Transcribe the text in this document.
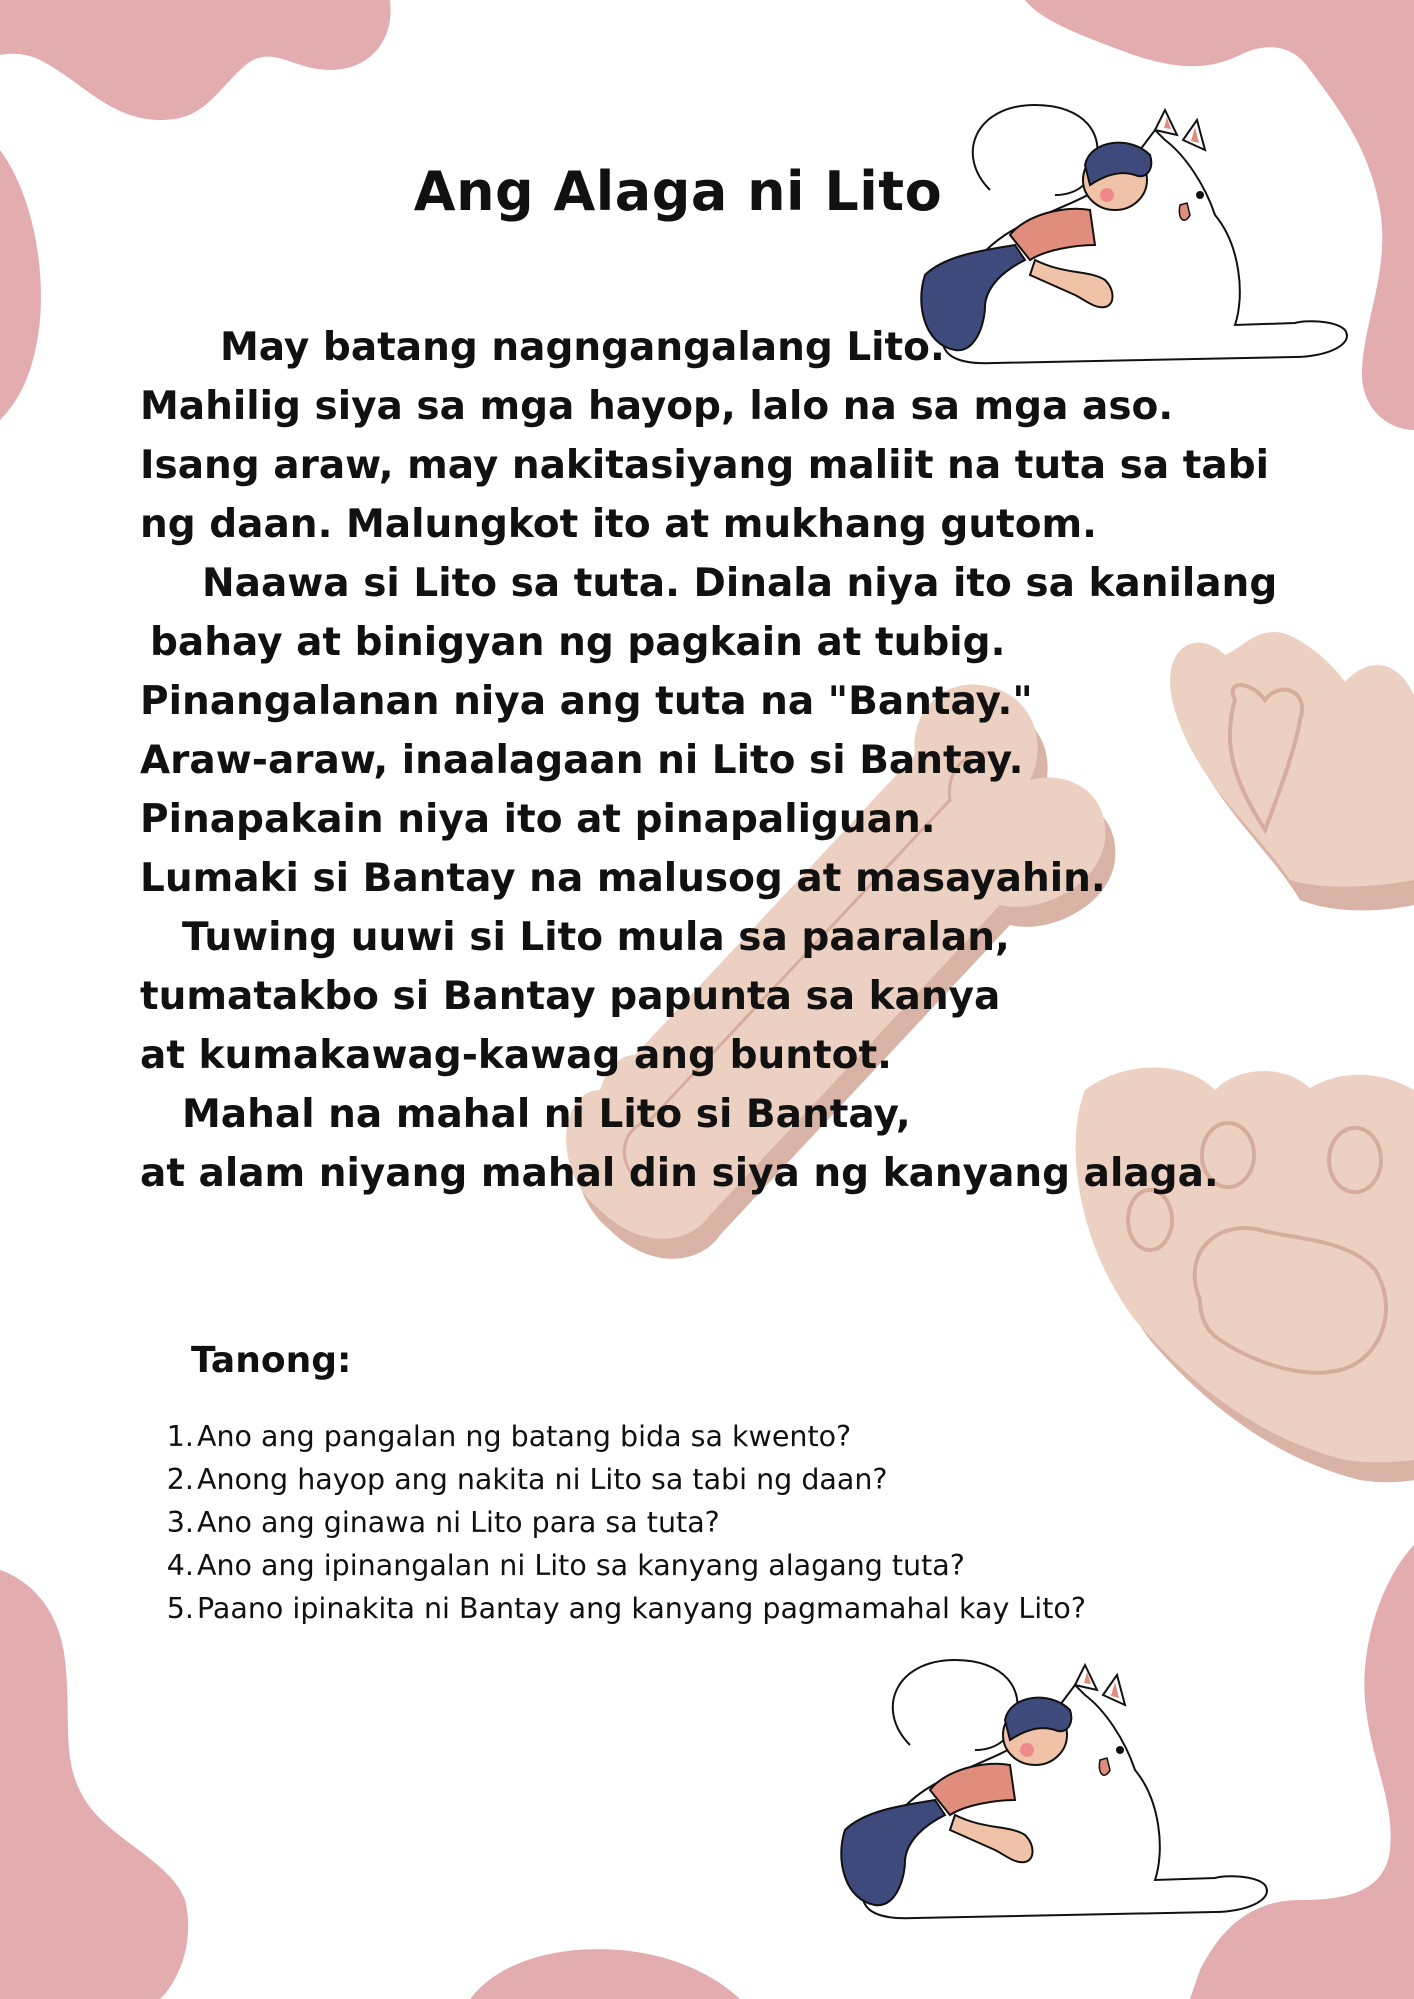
Ang Alaga ni Lito
May batang nagngangalang Lito.
Mahilig siya sa mga hayop, lalo na sa mga aso.
Isang araw, may nakitasiyang maliit na tuta sa tabi
ng daan. Malungkot ito at mukhang gutom.
Naawa si Lito sa tuta. Dinala niya ito sa kanilang
bahay at binigyan ng pagkain at tubig.
Pinangalanan niya ang tuta na "Bantay."
Araw-araw, inaalagaan ni Lito si Bantay.
Pinapakain niya ito at pinapaliguan.
Lumaki si Bantay na malusog at masayahin.
Tuwing uuwi si Lito mula sa paaralan,
tumatakbo si Bantay papunta sa kanya
at kumakawag-kawag ang buntot.
Mahal na mahal ni Lito si Bantay,
at alam niyang mahal din siya ng kanyang alaga.
Tanong:
1. Ano ang pangalan ng batang bida sa kwento?
2. Anong hayop ang nakita ni Lito sa tabi ng daan?
3. Ano ang ginawa ni Lito para sa tuta?
4. Ano ang ipinangalan ni Lito sa kanyang alagang tuta?
5. Paano ipinakita ni Bantay ang kanyang pagmamahal kay Lito?
